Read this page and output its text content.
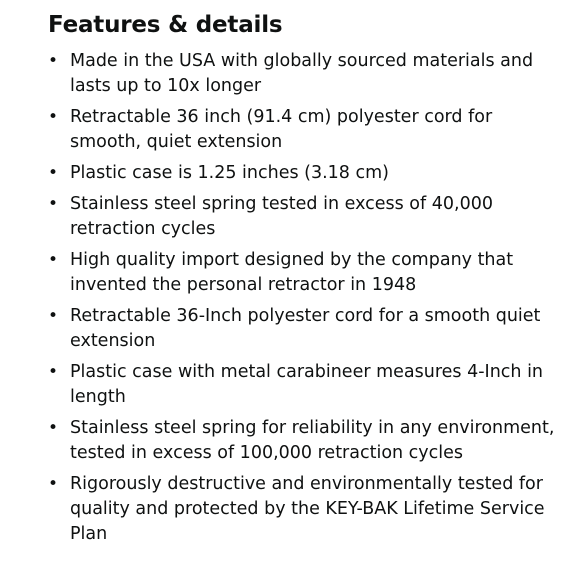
Features & details
• Made in the USA with globally sourced materials and lasts up to 10x longer
• Retractable 36 inch (91.4 cm) polyester cord for smooth, quiet extension
• Plastic case is 1.25 inches (3.18 cm)
• Stainless steel spring tested in excess of 40,000 retraction cycles
• High quality import designed by the company that invented the personal retractor in 1948
• Retractable 36-Inch polyester cord for a smooth quiet extension
• Plastic case with metal carabineer measures 4-Inch in length
• Stainless steel spring for reliability in any environment, tested in excess of 100,000 retraction cycles
• Rigorously destructive and environmentally tested for quality and protected by the KEY-BAK Lifetime Service Plan
